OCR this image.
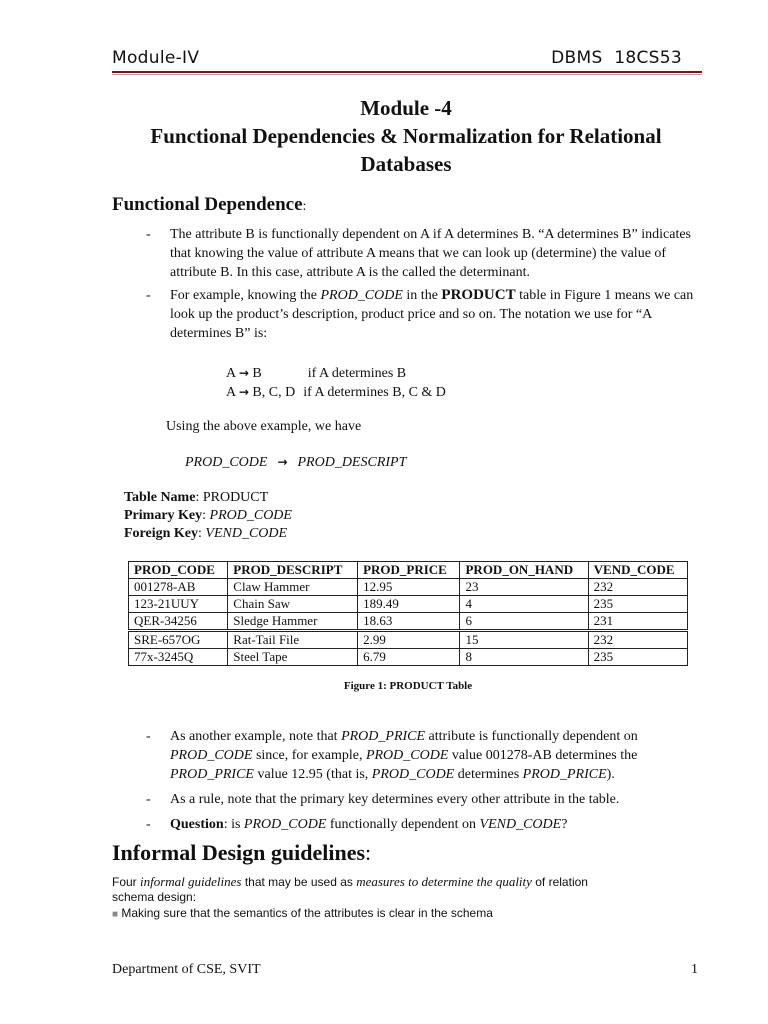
Module-IV	DBMS 18CS53
Module -4
Functional Dependencies & Normalization for Relational
Databases
Functional Dependence:
- The attribute B is functionally dependent on A if A determines B. “A determines B” indicates that knowing the value of attribute A means that we can look up (determine) the value of attribute B. In this case, attribute A is the called the determinant.
- For example, knowing the PROD_CODE in the PRODUCT table in Figure 1 means we can look up the product’s description, product price and so on. The notation we use for “A determines B” is:
A → B	if A determines B
A → B, C, D if A determines B, C & D
Using the above example, we have
PROD_CODE → PROD_DESCRIPT
Table Name: PRODUCT
Primary Key: PROD_CODE
Foreign Key: VEND_CODE
PROD_CODE	PROD_DESCRIPT	PROD_PRICE	PROD_ON_HAND	VEND_CODE
001278-AB	Claw Hammer	12.95	23	232
123-21UUY	Chain Saw	189.49	4	235
QER-34256	Sledge Hammer	18.63	6	231
SRE-657OG	Rat-Tail File	2.99	15	232
77x-3245Q	Steel Tape	6.79	8	235
Figure 1: PRODUCT Table
- As another example, note that PROD_PRICE attribute is functionally dependent on PROD_CODE since, for example, PROD_CODE value 001278-AB determines the PROD_PRICE value 12.95 (that is, PROD_CODE determines PROD_PRICE).
- As a rule, note that the primary key determines every other attribute in the table.
- Question: is PROD_CODE functionally dependent on VEND_CODE?
Informal Design guidelines:
Four informal guidelines that may be used as measures to determine the quality of relation schema design:
■ Making sure that the semantics of the attributes is clear in the schema
Department of CSE, SVIT	1
